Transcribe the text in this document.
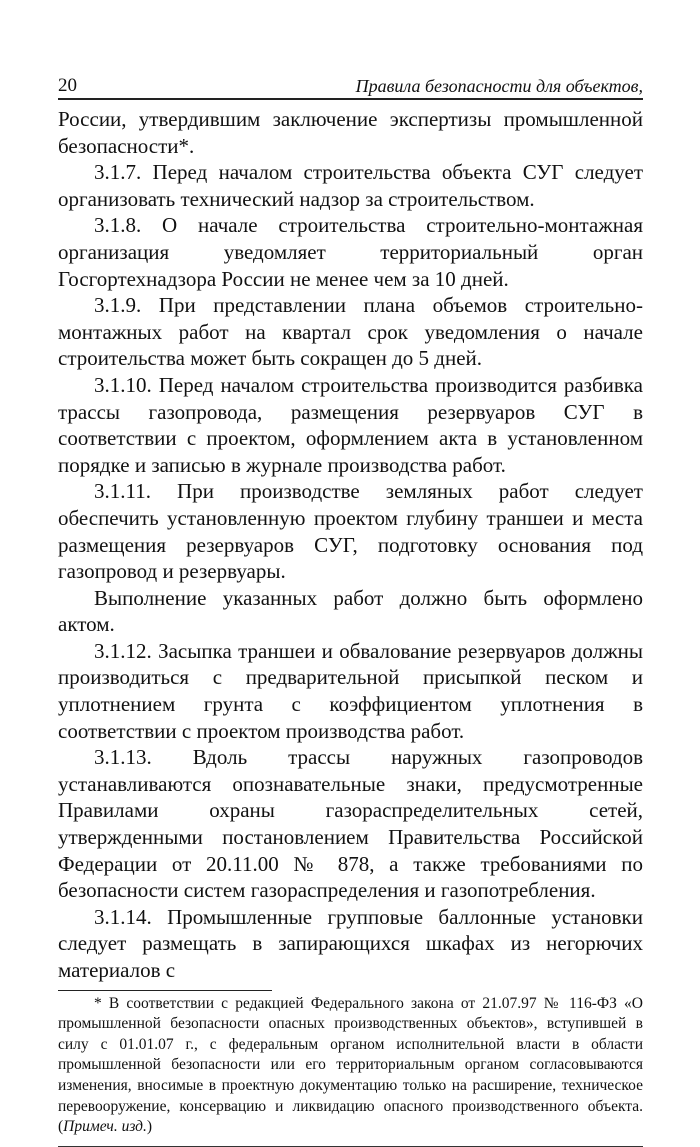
20	Правила безопасности для объектов,

России, утвердившим заключение экспертизы промышленной безопасности*.

3.1.7. Перед началом строительства объекта СУГ следует организовать технический надзор за строительством.

3.1.8. О начале строительства строительно-монтажная организация уведомляет территориальный орган Госгортехнадзора России не менее чем за 10 дней.

3.1.9. При представлении плана объемов строительно-монтажных работ на квартал срок уведомления о начале строительства может быть сокращен до 5 дней.

3.1.10. Перед началом строительства производится разбивка трассы газопровода, размещения резервуаров СУГ в соответствии с проектом, оформлением акта в установленном порядке и записью в журнале производства работ.

3.1.11. При производстве земляных работ следует обеспечить установленную проектом глубину траншеи и места размещения резервуаров СУГ, подготовку основания под газопровод и резервуары.

Выполнение указанных работ должно быть оформлено актом.

3.1.12. Засыпка траншеи и обвалование резервуаров должны производиться с предварительной присыпкой песком и уплотнением грунта с коэффициентом уплотнения в соответствии с проектом производства работ.

3.1.13. Вдоль трассы наружных газопроводов устанавливаются опознавательные знаки, предусмотренные Правилами охраны газораспределительных сетей, утвержденными постановлением Правительства Российской Федерации от 20.11.00 № 878, а также требованиями по безопасности систем газораспределения и газопотребления.

3.1.14. Промышленные групповые баллонные установки следует размещать в запирающихся шкафах из негорючих материалов с

* В соответствии с редакцией Федерального закона от 21.07.97 № 116-ФЗ «О промышленной безопасности опасных производственных объектов», вступившей в силу с 01.01.07 г., с федеральным органом исполнительной власти в области промышленной безопасности или его территориальным органом согласовываются изменения, вносимые в проектную документацию только на расширение, техническое перевооружение, консервацию и ликвидацию опасного производственного объекта. (Примеч. изд.)
